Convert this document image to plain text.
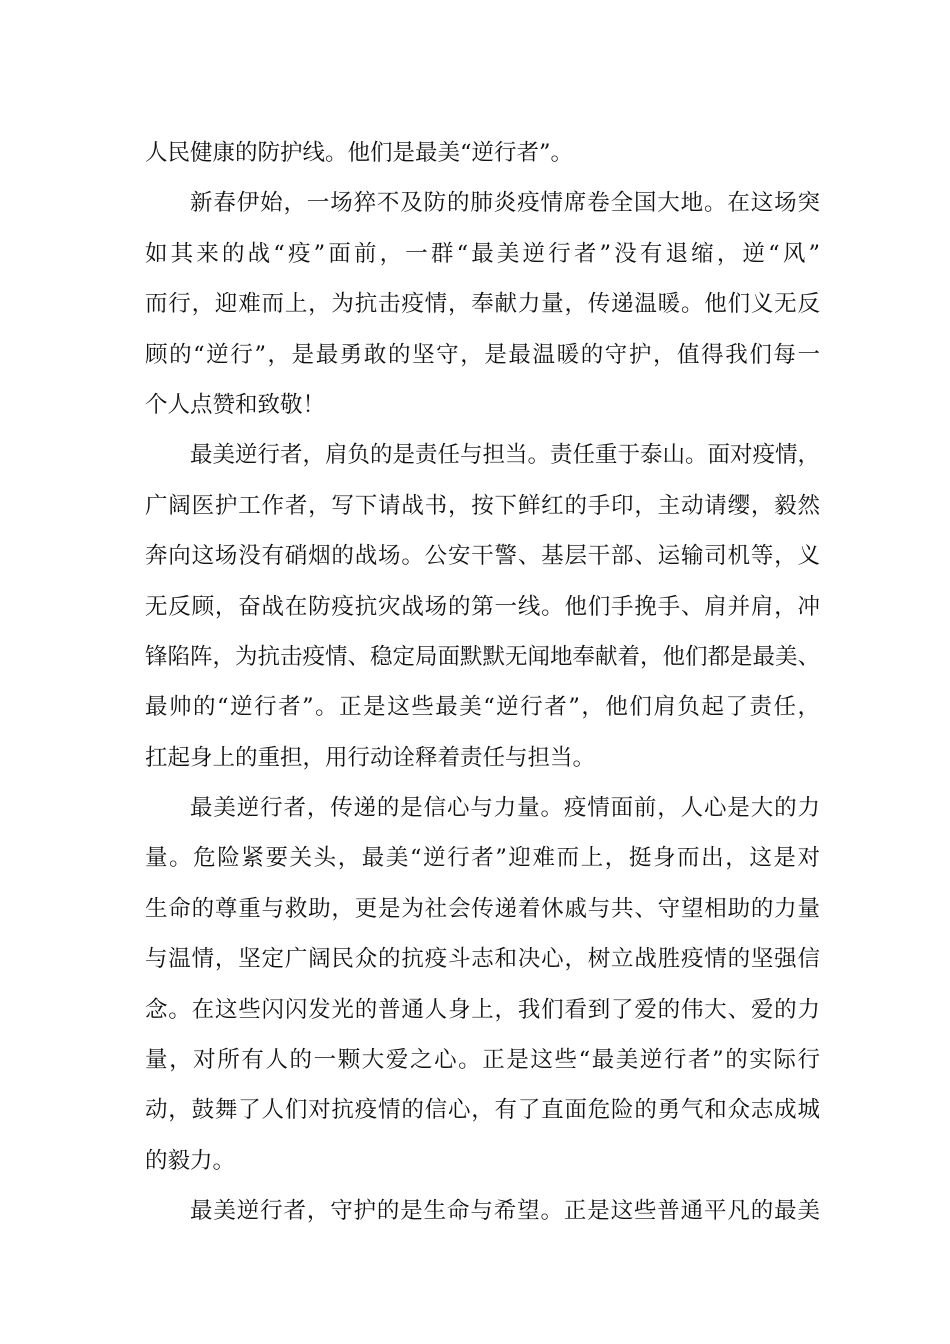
人民健康的防护线。他们是最美“逆行者”。
新春伊始，一场猝不及防的肺炎疫情席卷全国大地。在这场突
如其来的战“疫”面前，一群“最美逆行者”没有退缩，逆“风”
而行，迎难而上，为抗击疫情，奉献力量，传递温暖。他们义无反
顾的“逆行”，是最勇敢的坚守，是最温暖的守护，值得我们每一
个人点赞和致敬！
最美逆行者，肩负的是责任与担当。责任重于泰山。面对疫情，
广阔医护工作者，写下请战书，按下鲜红的手印，主动请缨，毅然
奔向这场没有硝烟的战场。公安干警、基层干部、运输司机等，义
无反顾，奋战在防疫抗灾战场的第一线。他们手挽手、肩并肩，冲
锋陷阵，为抗击疫情、稳定局面默默无闻地奉献着，他们都是最美、
最帅的“逆行者”。正是这些最美“逆行者”，他们肩负起了责任，
扛起身上的重担，用行动诠释着责任与担当。
最美逆行者，传递的是信心与力量。疫情面前，人心是大的力
量。危险紧要关头，最美“逆行者”迎难而上，挺身而出，这是对
生命的尊重与救助，更是为社会传递着休戚与共、守望相助的力量
与温情，坚定广阔民众的抗疫斗志和决心，树立战胜疫情的坚强信
念。在这些闪闪发光的普通人身上，我们看到了爱的伟大、爱的力
量，对所有人的一颗大爱之心。正是这些“最美逆行者”的实际行
动，鼓舞了人们对抗疫情的信心，有了直面危险的勇气和众志成城
的毅力。
最美逆行者，守护的是生命与希望。正是这些普通平凡的最美
